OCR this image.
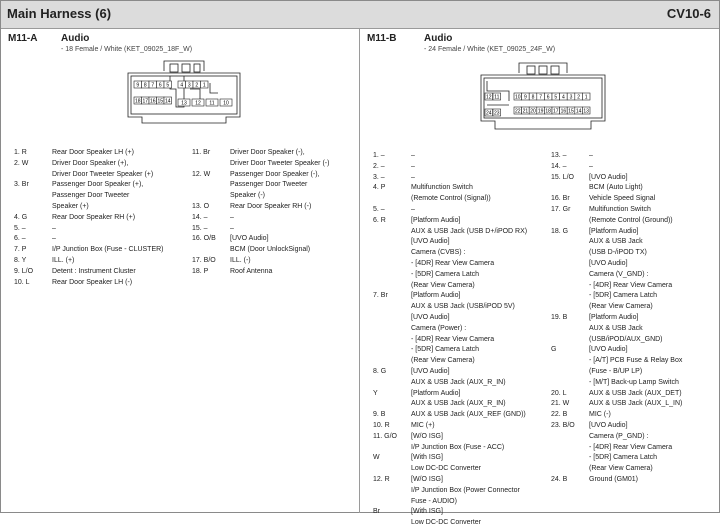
Main Harness (6)	CV10-6
M11-A Audio
- 18 Female / White (KET_09025_18F_W)
9 8 7 6 5 4 3 2 1
18 17 16 15 14 13 12 11 10
1. R	Rear Door Speaker LH (+)
2. W	Driver Door Speaker (+),
Driver Door Tweeter Speaker (+)
3. Br	Passenger Door Speaker (+),
Passenger Door Tweeter
Speaker (+)
4. G	Rear Door Speaker RH (+)
5. –	–
6. –	–
7. P	I/P Junction Box (Fuse - CLUSTER)
8. Y	ILL. (+)
9. L/O	Detent : Instrument Cluster
10. L	Rear Door Speaker LH (-)
11. Br	Driver Door Speaker (-),
Driver Door Tweeter Speaker (-)
12. W	Passenger Door Speaker (-),
Passenger Door Tweeter
Speaker (-)
13. O	Rear Door Speaker RH (-)
14. –	–
15. –	–
16. O/B [UVO Audio]
BCM (Door UnlockSignal)
17. B/O ILL. (-)
18. P	Roof Antenna
M11-B	Audio
- 24 Female / White (KET_09025_24F_W)
12 11	10 9 8 7 6 5 4 3 2 1
24 23	22 21 20 19 18 17 16 15 14 13
1. –	–
2. –	–
3. –	–
4. P	Multifunction Switch
(Remote Control (Signal))
5. –	–
6. R	[Platform Audio]
AUX & USB Jack (USB D+/iPOD RX)
[UVO Audio]
Camera (CVBS) :
- [4DR] Rear View Camera
- [5DR] Camera Latch
(Rear View Camera)
7. Br	[Platform Audio]
AUX & USB Jack (USB/iPOD 5V)
[UVO Audio]
Camera (Power) :
- [4DR] Rear View Camera
- [5DR] Camera Latch
(Rear View Camera)
8. G	[UVO Audio]
AUX & USB Jack (AUX_R_IN)
Y	[Platform Audio]
AUX & USB Jack (AUX_R_IN)
9. B	AUX & USB Jack (AUX_REF (GND))
10. R	MIC (+)
11. G/O [W/O ISG]
I/P Junction Box (Fuse - ACC)
W	[With ISG]
Low DC-DC Converter
12. R	[W/O ISG]
I/P Junction Box (Power Connector
Fuse - AUDIO)
Br	[With ISG]
Low DC-DC Converter
13. –	–
14. –	–
15. L/O [UVO Audio]
BCM (Auto Light)
16. Br	Vehicle Speed Signal
17. Gr	Multifunction Switch
(Remote Control (Ground))
18. G	[Platform Audio]
AUX & USB Jack
(USB D-/iPOD TX)
[UVO Audio]
Camera (V_GND) :
- [4DR] Rear View Camera
- [5DR] Camera Latch
(Rear View Camera)
19. B	[Platform Audio]
AUX & USB Jack
(USB/iPOD/AUX_GND)
G	[UVO Audio]
- [A/T] PCB Fuse & Relay Box
(Fuse - B/UP LP)
- [M/T] Back-up Lamp Switch
20. L	AUX & USB Jack (AUX_DET)
21. W	AUX & USB Jack (AUX_L_IN)
22. B	MIC (-)
23. B/O [UVO Audio]
Camera (P_GND) :
- [4DR] Rear View Camera
- [5DR] Camera Latch
(Rear View Camera)
24. B	Ground (GM01)
